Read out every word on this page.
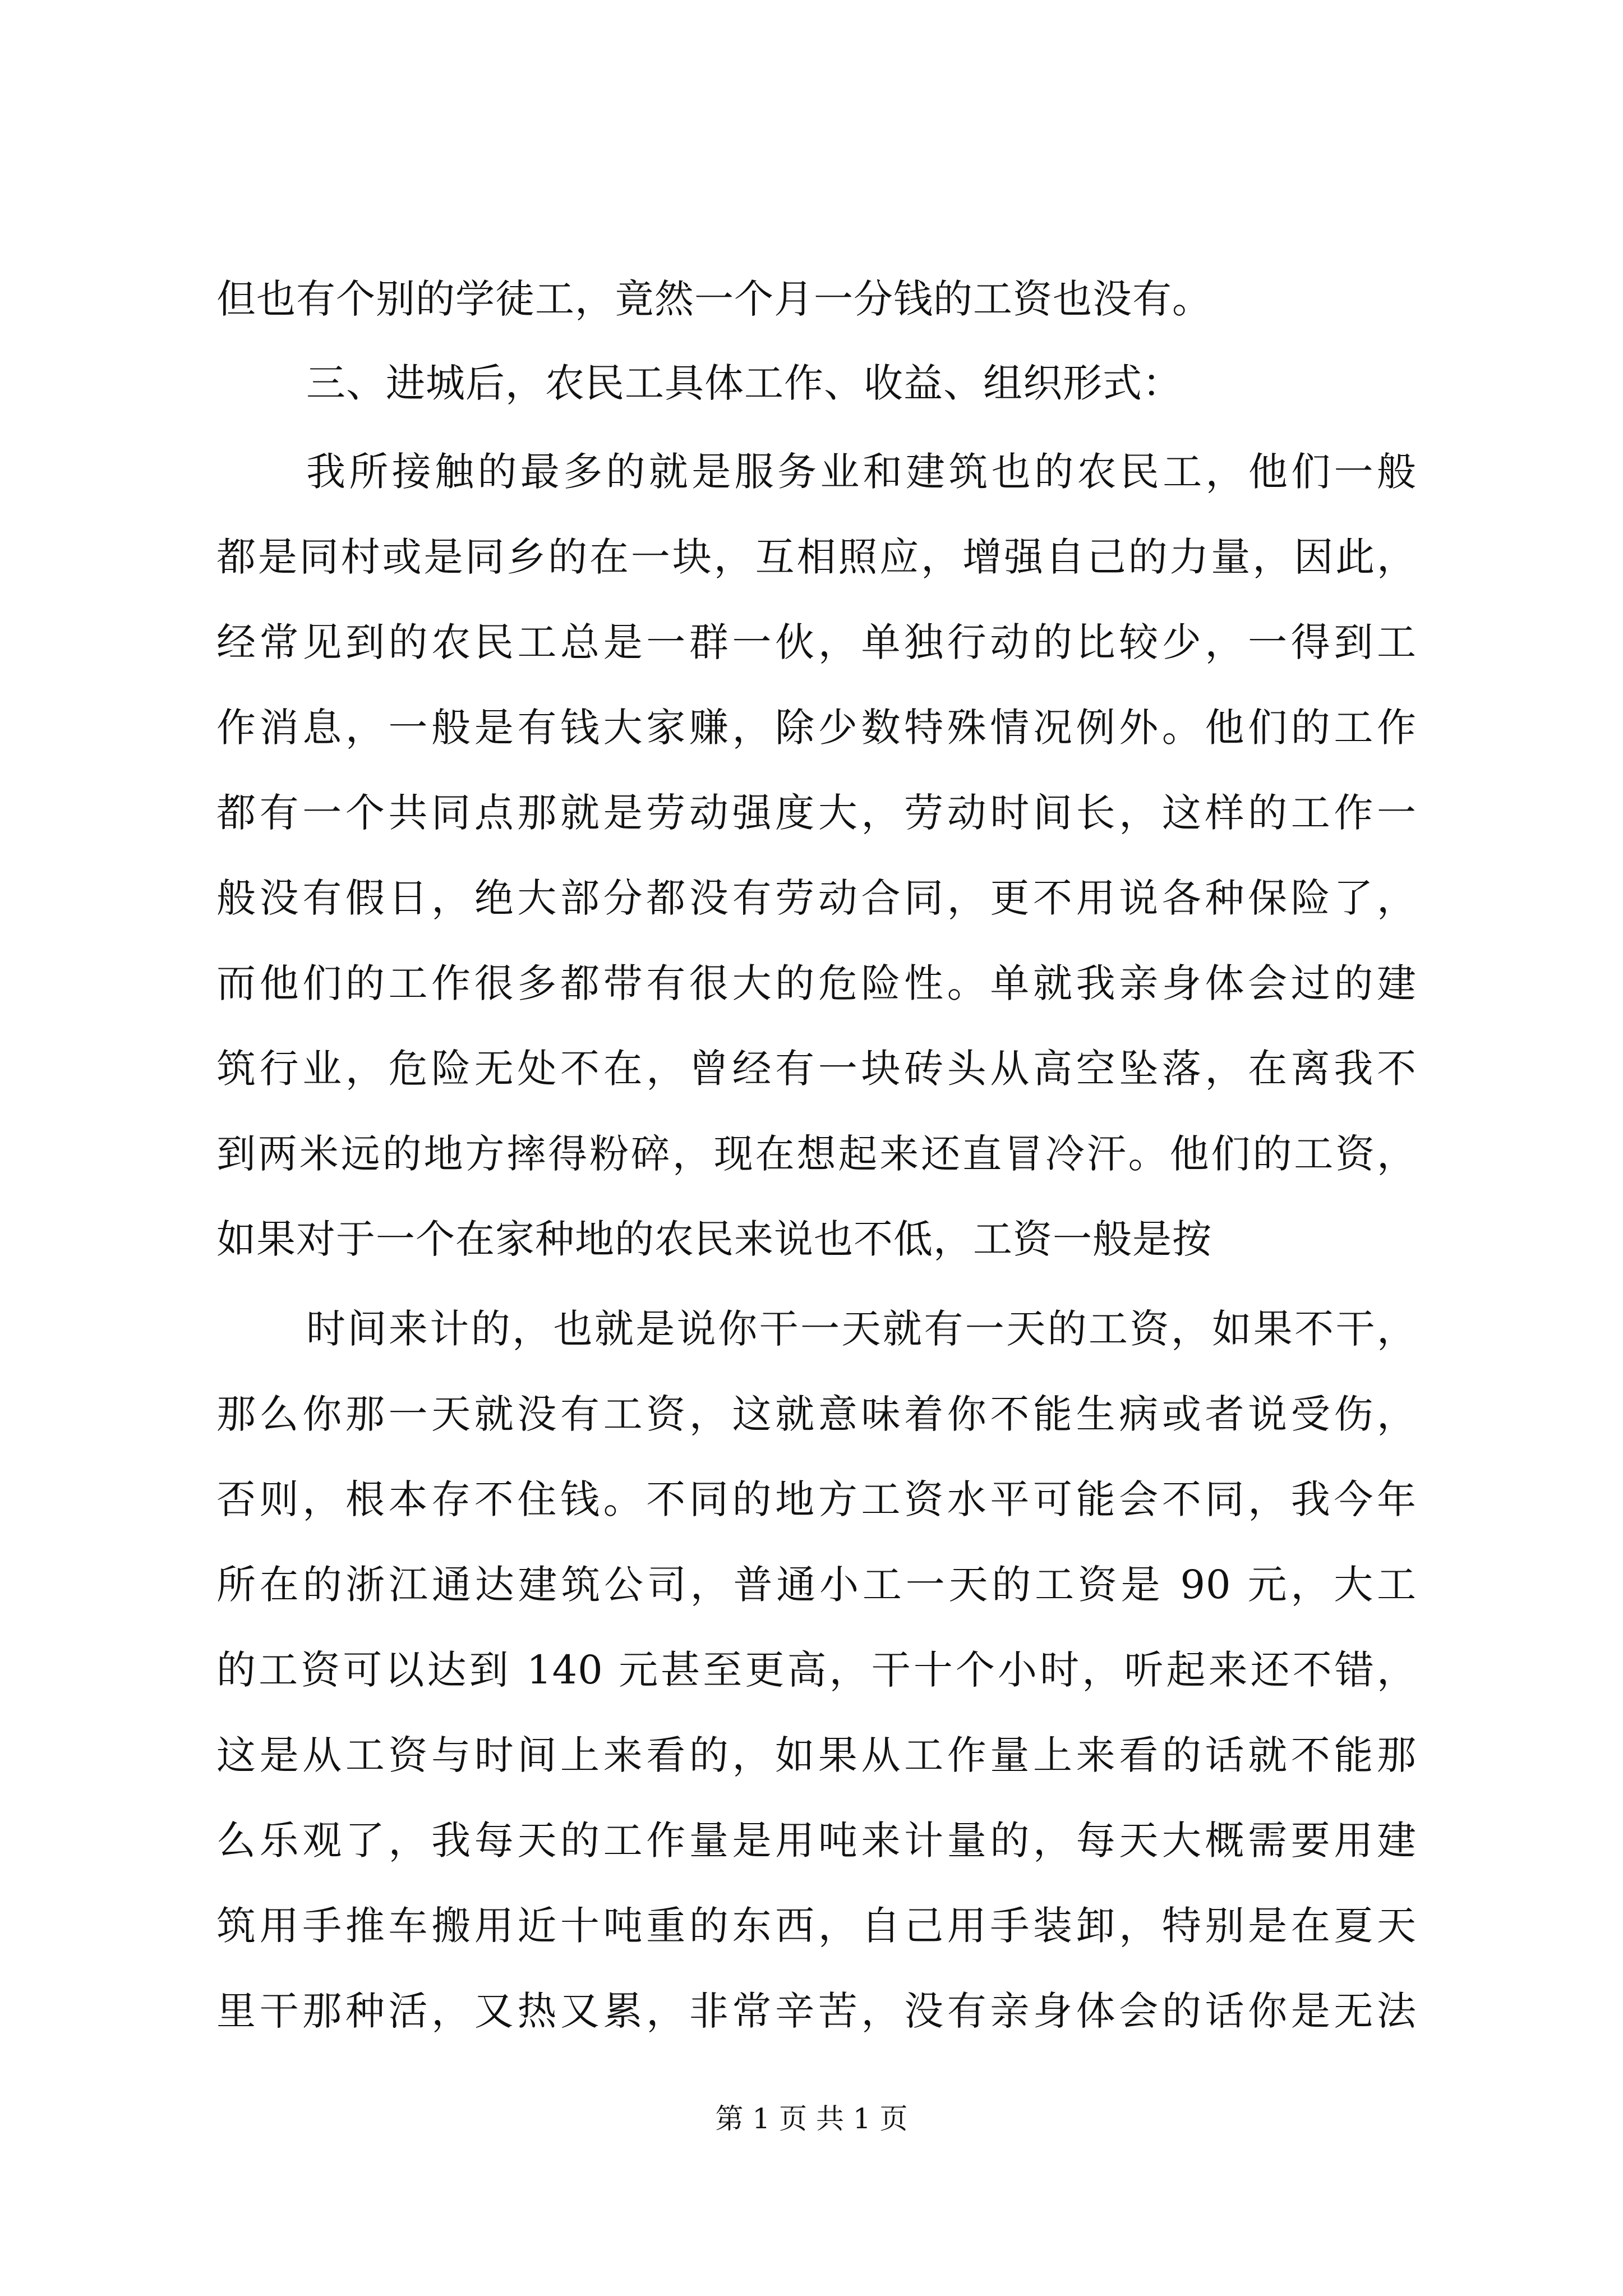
但也有个别的学徒工，竟然一个月一分钱的工资也没有。
三、进城后，农民工具体工作、收益、组织形式：
我所接触的最多的就是服务业和建筑也的农民工，他们一般
都是同村或是同乡的在一块，互相照应，增强自己的力量，因此，
经常见到的农民工总是一群一伙，单独行动的比较少，一得到工
作消息，一般是有钱大家赚，除少数特殊情况例外。他们的工作
都有一个共同点那就是劳动强度大，劳动时间长，这样的工作一
般没有假日，绝大部分都没有劳动合同，更不用说各种保险了，
而他们的工作很多都带有很大的危险性。单就我亲身体会过的建
筑行业，危险无处不在，曾经有一块砖头从高空坠落，在离我不
到两米远的地方摔得粉碎，现在想起来还直冒冷汗。他们的工资，
如果对于一个在家种地的农民来说也不低，工资一般是按
时间来计的，也就是说你干一天就有一天的工资，如果不干，
那么你那一天就没有工资，这就意味着你不能生病或者说受伤，
否则，根本存不住钱。不同的地方工资水平可能会不同，我今年
所在的浙江通达建筑公司，普通小工一天的工资是 90 元，大工
的工资可以达到 140 元甚至更高，干十个小时，听起来还不错，
这是从工资与时间上来看的，如果从工作量上来看的话就不能那
么乐观了，我每天的工作量是用吨来计量的，每天大概需要用建
筑用手推车搬用近十吨重的东西，自己用手装卸，特别是在夏天
里干那种活，又热又累，非常辛苦，没有亲身体会的话你是无法
第 1 页 共 1 页
